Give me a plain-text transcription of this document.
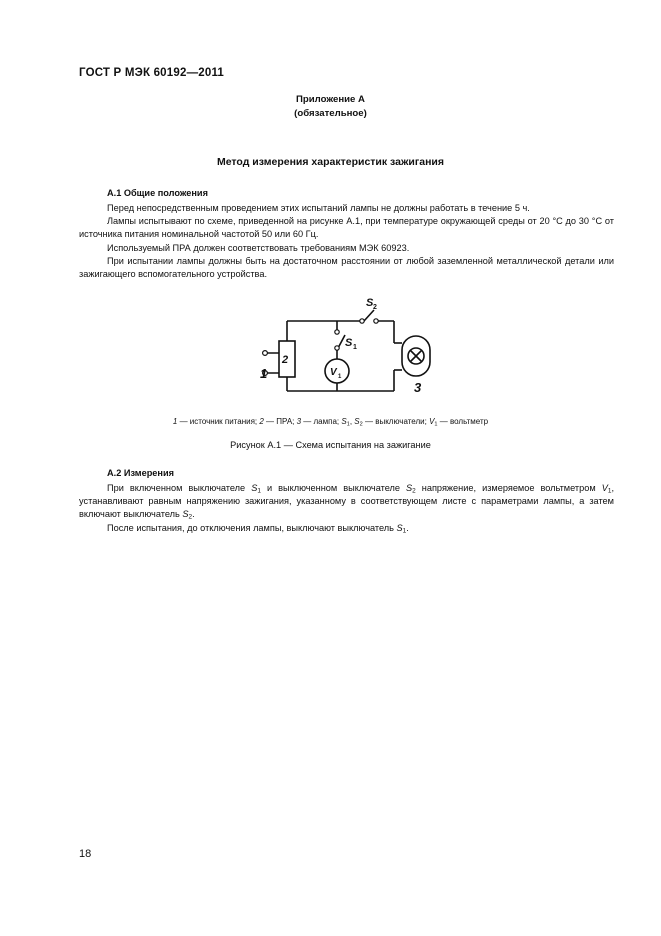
ГОСТ Р МЭК 60192—2011
Приложение А
(обязательное)
Метод измерения характеристик зажигания
А.1 Общие положения

Перед непосредственным проведением этих испытаний лампы не должны работать в течение 5 ч.

Лампы испытывают по схеме, приведенной на рисунке А.1, при температуре окружающей среды от 20 °С до 30 °С от источника питания номинальной частотой 50 или 60 Гц.

Используемый ПРА должен соответствовать требованиям МЭК 60923.

При испытании лампы должны быть на достаточном расстоянии от любой заземленной металлической детали или зажигающего вспомогательного устройства.

2
1
3
S 1
S 2
V 1
1 — источник питания; 2 — ПРА; 3 — лампа; $S_1$, $S_2$ — выключатели; $V_1$ — вольтметр
Рисунок А.1 — Схема испытания на зажигание
А.2 Измерения

При включенном выключателе $S_1$ и выключенном выключателе $S_2$ напряжение, измеряемое вольтметром $V_1$, устанавливают равным напряжению зажигания, указанному в соответствующем листе с параметрами лампы, а затем включают выключатель $S_2$.

После испытания, до отключения лампы, выключают выключатель $S_1$.

18
